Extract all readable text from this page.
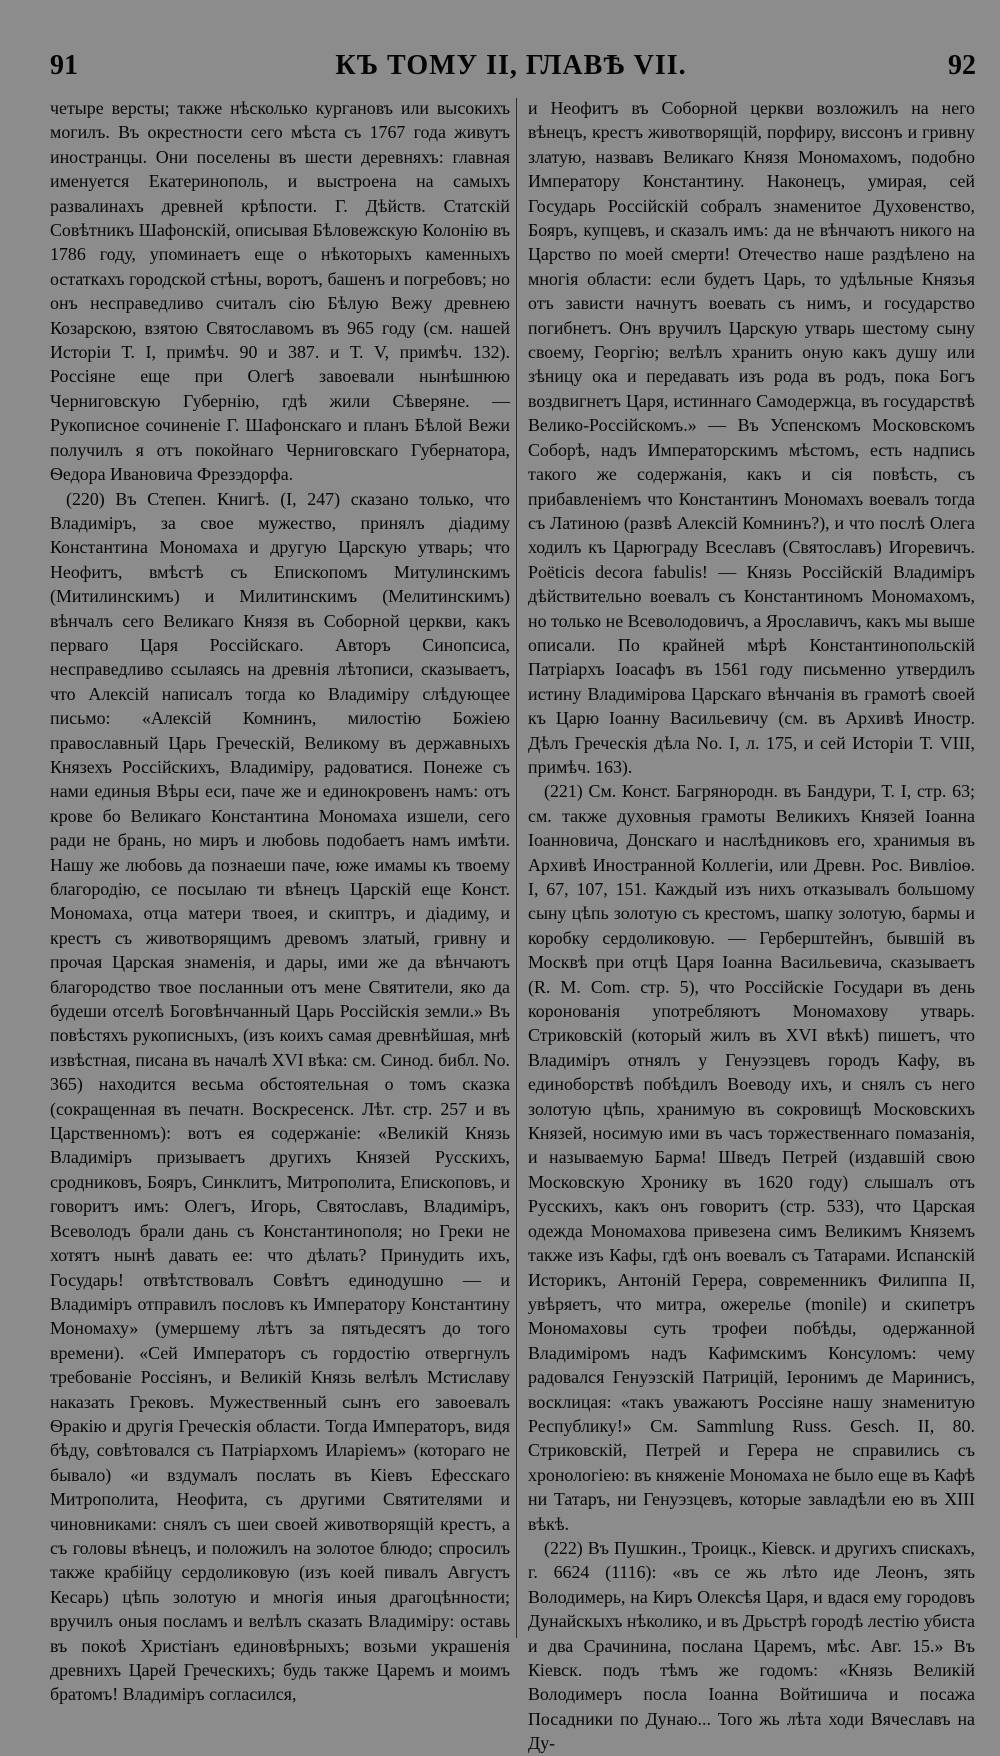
91	КЪ ТОМУ II, ГЛАВѢ VII.	92

четыре версты; также нѣсколько кургановъ или высокихъ могилъ. Въ окрестности сего мѣста съ 1767 года живутъ иностранцы. Они поселены въ шести деревняхъ: главная именуется Екатеринополь, и выстроена на самыхъ развалинахъ древней крѣпости. Г. Дѣйств. Статскій Совѣтникъ Шафонскій, описывая Бѣловежскую Колонію въ 1786 году, упоминаетъ еще о нѣкоторыхъ каменныхъ остаткахъ городской стѣны, воротъ, башенъ и погребовъ; но онъ несправедливо считалъ сію Бѣлую Вежу древнею Козарскою, взятою Святославомъ въ 965 году (см. нашей Исторіи Т. I, примѣч. 90 и 387. и Т. V, примѣч. 132). Россіяне еще при Олегѣ завоевали нынѣшнюю Черниговскую Губернію, гдѣ жили Сѣверяне. — Рукописное сочиненіе Г. Шафонскаго и планъ Бѣлой Вежи получилъ я отъ покойнаго Черниговскаго Губернатора, Ѳедора Ивановича Фрезэдорфа.

(220) Въ Степен. Книгѣ. (I, 247) сказано только, что Владиміръ, за свое мужество, принялъ діадиму Константина Мономаха и другую Царскую утварь; что Неофитъ, вмѣстѣ съ Епископомъ Митулинскимъ (Митилинскимъ) и Милитинскимъ (Мелитинскимъ) вѣнчалъ сего Великаго Князя въ Соборной церкви, какъ перваго Царя Россійскаго. Авторъ Синопсиса, несправедливо ссылаясь на древнія лѣтописи, сказываетъ, что Алексій написалъ тогда ко Владиміру слѣдующее письмо: «Алексій Комнинъ, милостію Божіею православный Царь Греческій, Великому въ державныхъ Князехъ Россійскихъ, Владиміру, радоватися. Понеже съ нами единыя Вѣры еси, паче же и единокровенъ намъ: отъ крове бо Великаго Константина Мономаха изшели, сего ради не брань, но миръ и любовь подобаетъ намъ имѣти. Нашу же любовь да познаеши паче, юже имамы къ твоему благородію, се посылаю ти вѣнецъ Царскій еще Конст. Мономаха, отца матери твоея, и скиптръ, и діадиму, и крестъ съ животворящимъ древомъ златый, гривну и прочая Царская знаменія, и дары, ими же да вѣнчаютъ благородство твое посланныи отъ мене Святители, яко да будеши отселѣ Боговѣнчанный Царь Россійскія земли.» Въ повѣстяхъ рукописныхъ, (изъ коихъ самая древнѣйшая, мнѣ извѣстная, писана въ началѣ XVI вѣка: см. Синод. библ. No. 365) находится весьма обстоятельная о томъ сказка (сокращенная въ печатн. Воскресенск. Лѣт. стр. 257 и въ Царственномъ): вотъ ея содержаніе: «Великій Князь Владиміръ призываетъ другихъ Князей Русскихъ, сродниковъ, Бояръ, Синклитъ, Митрополита, Епископовъ, и говоритъ имъ: Олегъ, Игорь, Святославъ, Владиміръ, Всеволодъ брали дань съ Константинополя; но Греки не хотятъ нынѣ давать ее: что дѣлать? Принудить ихъ, Государь! отвѣтствовалъ Совѣтъ единодушно — и Владиміръ отправилъ пословъ къ Императору Константину Мономаху» (умершему лѣтъ за пятьдесятъ до того времени). «Сей Императоръ съ гордостію отвергнулъ требованіе Россіянъ, и Великій Князь велѣлъ Мстиславу наказать Грековъ. Мужественный сынъ его завоевалъ Ѳракію и другія Греческія области. Тогда Императоръ, видя бѣду, совѣтовался съ Патріархомъ Иларіемъ» (котораго не бывало) «и вздумалъ послать въ Кіевъ Ефесскаго Митрополита, Неофита, съ другими Святителями и чиновниками: снялъ съ шеи своей животворящій крестъ, а съ головы вѣнецъ, и положилъ на золотое блюдо; спросилъ также крабійцу сердоликовую (изъ коей пивалъ Августъ Кесарь) цѣпь золотую и многія иныя драгоцѣнности; вручилъ оныя посламъ и велѣлъ сказать Владиміру: оставь въ покоѣ Христіанъ единовѣрныхъ; возьми украшенія древнихъ Царей Греческихъ; будь также Царемъ и моимъ братомъ! Владиміръ согласился,

и Неофитъ въ Соборной церкви возложилъ на него вѣнецъ, крестъ животворящій, порфиру, виссонъ и гривну златую, назвавъ Великаго Князя Мономахомъ, подобно Императору Константину. Наконецъ, умирая, сей Государь Россійскій собралъ знаменитое Духовенство, Бояръ, купцевъ, и сказалъ имъ: да не вѣнчаютъ никого на Царство по моей смерти! Отечество наше раздѣлено на многія области: если будетъ Царь, то удѣльные Князья отъ зависти начнутъ воевать съ нимъ, и государство погибнетъ. Онъ вручилъ Царскую утварь шестому сыну своему, Георгію; велѣлъ хранить оную какъ душу или зѣницу ока и передавать изъ рода въ родъ, пока Богъ воздвигнетъ Царя, истиннаго Самодержца, въ государствѣ Велико-Россійскомъ.» — Въ Успенскомъ Московскомъ Соборѣ, надъ Императорскимъ мѣстомъ, есть надпись такого же содержанія, какъ и сія повѣсть, съ прибавленіемъ что Константинъ Мономахъ воевалъ тогда съ Латиною (развѣ Алексій Комнинъ?), и что послѣ Олега ходилъ къ Царюграду Всеславъ (Святославъ) Игоревичъ. Poëticis decora fabulis! — Князь Россійскій Владиміръ дѣйствительно воевалъ съ Константиномъ Мономахомъ, но только не Всеволодовичъ, а Ярославичъ, какъ мы выше описали. По крайней мѣрѣ Константинопольскій Патріархъ Іоасафъ въ 1561 году письменно утвердилъ истину Владимірова Царскаго вѣнчанія въ грамотѣ своей къ Царю Іоанну Васильевичу (см. въ Архивѣ Иностр. Дѣлъ Греческія дѣла No. I, л. 175, и сей Исторіи Т. VIII, примѣч. 163).

(221) См. Конст. Багрянородн. въ Бандури, Т. I, стр. 63; см. также духовныя грамоты Великихъ Князей Іоанна Іоанновича, Донскаго и наслѣдниковъ его, хранимыя въ Архивѣ Иностранной Коллегіи, или Древн. Рос. Вивліоѳ. I, 67, 107, 151. Каждый изъ нихъ отказывалъ большому сыну цѣпь золотую съ крестомъ, шапку золотую, бармы и коробку сердоликовую. — Герберштейнъ, бывшій въ Москвѣ при отцѣ Царя Іоанна Васильевича, сказываетъ (R. M. Com. стр. 5), что Россійскіе Государи въ день коронованія употребляютъ Мономахову утварь. Стриковскій (который жилъ въ XVI вѣкѣ) пишетъ, что Владиміръ отнялъ у Генуэзцевъ городъ Кафу, въ единоборствѣ побѣдилъ Воеводу ихъ, и снялъ съ него золотую цѣпь, хранимую въ сокровищѣ Московскихъ Князей, носимую ими въ часъ торжественнаго помазанія, и называемую Барма! Шведъ Петрей (издавшій свою Московскую Хронику въ 1620 году) слышалъ отъ Русскихъ, какъ онъ говоритъ (стр. 533), что Царская одежда Мономахова привезена симъ Великимъ Княземъ также изъ Кафы, гдѣ онъ воевалъ съ Татарами. Испанскій Историкъ, Антоній Герера, современникъ Филиппа II, увѣряетъ, что митра, ожерелье (monile) и скипетръ Мономаховы суть трофеи побѣды, одержанной Владиміромъ надъ Кафимскимъ Консуломъ: чему радовался Генуэзскій Патрицій, Іеронимъ де Маринисъ, восклицая: «такъ уважаютъ Россіяне нашу знаменитую Республику!» См. Sammlung Russ. Gesch. II, 80. Стриковскій, Петрей и Герера не справились съ хронологіею: въ княженіе Мономаха не было еще въ Кафѣ ни Татаръ, ни Генуэзцевъ, которые завладѣли ею въ XIII вѣкѣ.

(222) Въ Пушкин., Троицк., Кіевск. и другихъ спискахъ, г. 6624 (1116): «въ се жь лѣто иде Леонъ, зять Володимерь, на Киръ Олексѣя Царя, и вдася ему городовъ Дунайскыхъ нѣколико, и въ Дрьстрѣ городѣ лестію убиста и два Срачинина, послана Царемъ, мѣс. Авг. 15.» Въ Кіевск. подъ тѣмъ же годомъ: «Князь Великій Володимеръ посла Іоанна Войтишича и посажа Посадники по Дунаю... Того жь лѣта ходи Вячеславъ на Ду-
